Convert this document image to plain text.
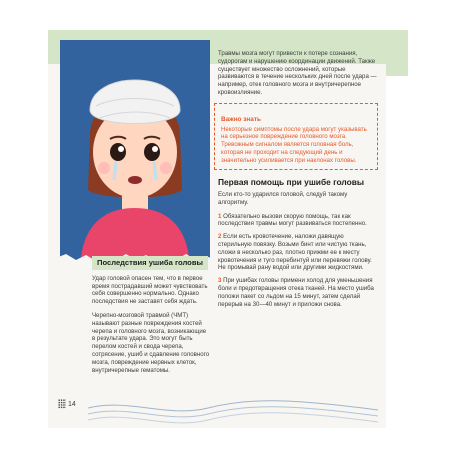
Травмы мозга могут привести к потере сознания, судорогам и нарушению координации движений. Также существует множество осложнений, которые развиваются в течение нескольких дней после удара — например, отек головного мозга и внутричерепное кровоизлияние.

Важно знать

Некоторые симптомы после удара могут указывать на серьезное повреждение головного мозга. Тревожным сигналом является головная боль, которая не проходит на следующий день и значительно усиливается при наклонах головы.

Первая помощь при ушибе головы

Если кто-то ударился головой, следуй такому алгоритму.

1 Обязательно вызови скорую помощь, так как последствия травмы могут развиваться постепенно.

2 Если есть кровотечение, наложи давящую стерильную повязку. Возьми бинт или чистую ткань, сложи в несколько раз, плотно прижми ее к месту кровотечения и туго перебинтуй или перевяжи голову. Не промывай рану водой или другими жидкостями.

3 При ушибах головы примени холод для уменьшения боли и предотвращения отека тканей. На место ушиба положи пакет со льдом на 15 минут, затем сделай перерыв на 30—40 минут и приложи снова.

Последствия ушиба головы

Удар головой опасен тем, что в первое время пострадавший может чувствовать себя совершенно нормально. Однако последствия не заставят себя ждать.

Черепно-мозговой травмой (ЧМТ) называют разные повреждения костей черепа и головного мозга, возникающие в результате удара. Это могут быть перелом костей и свода черепа, сотрясение, ушиб и сдавление головного мозга, повреждение нервных клеток, внутричерепные гематомы.

14
